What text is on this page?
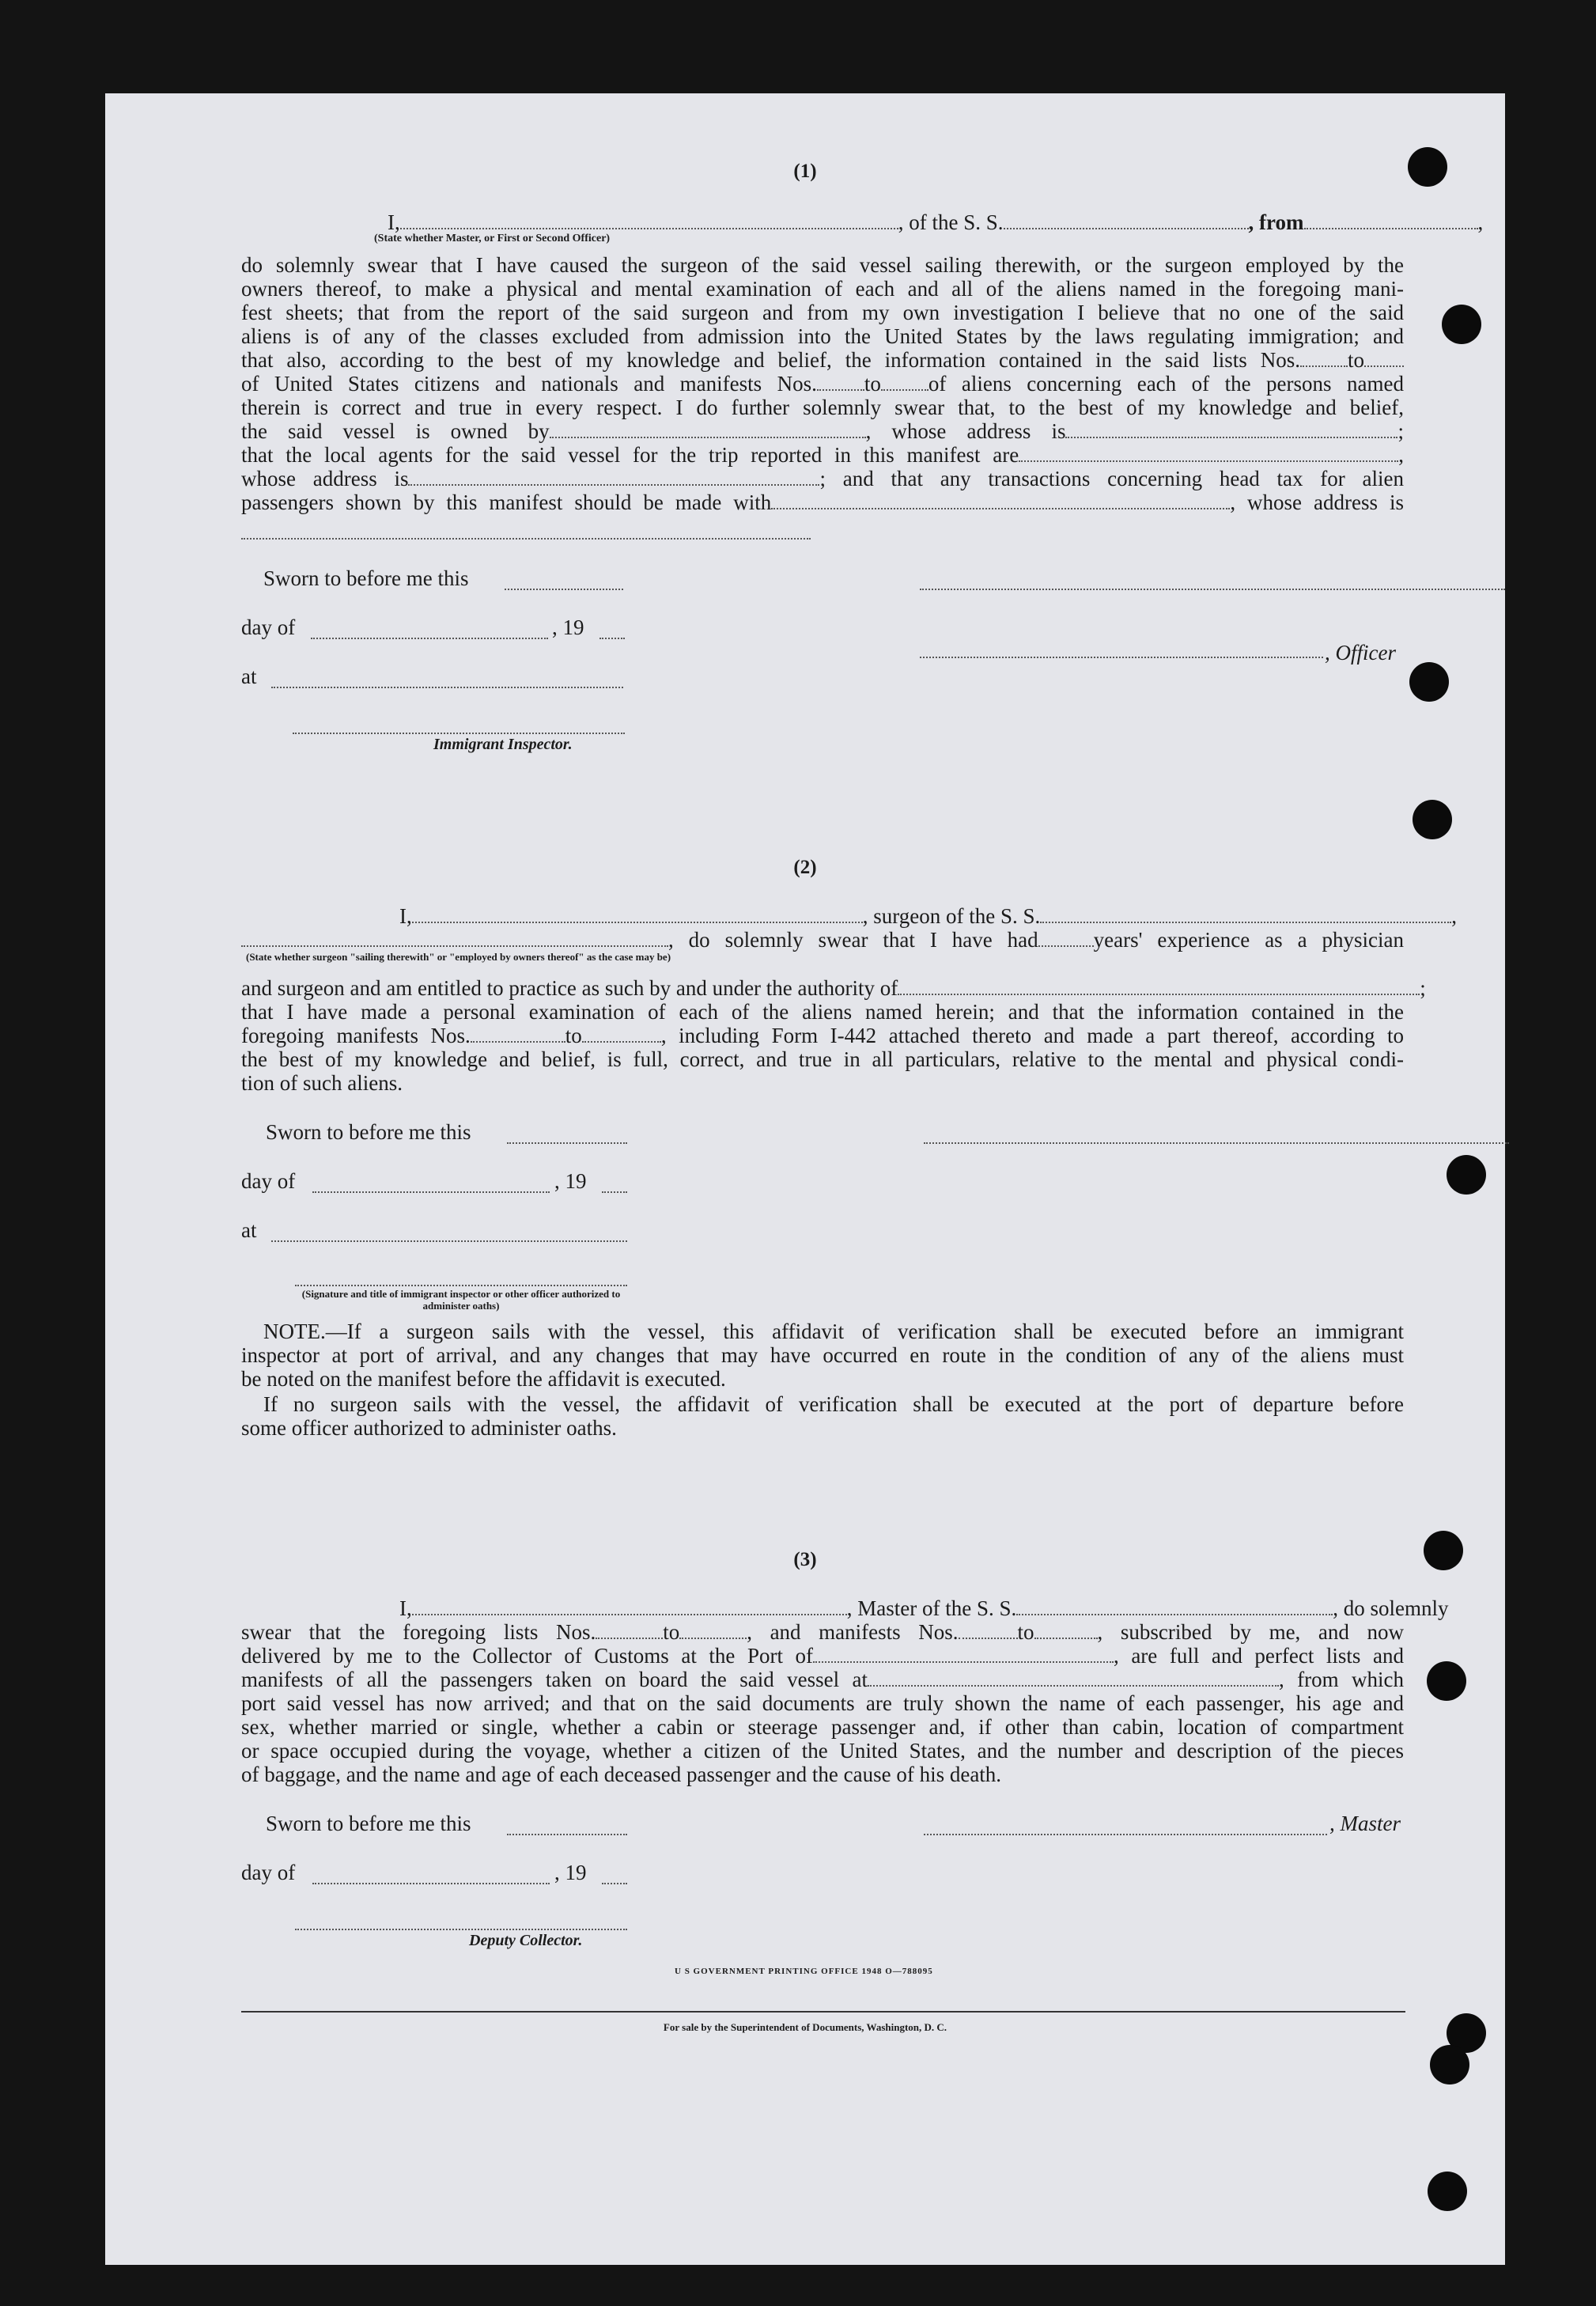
(1)
I,	, of the S. S.	, from	,
(State whether Master, or First or Second Officer)
do solemnly swear that I have caused the surgeon of the said vessel sailing therewith, or the surgeon employed by the
owners thereof, to make a physical and mental examination of each and all of the aliens named in the foregoing mani-
fest sheets; that from the report of the said surgeon and from my own investigation I believe that no one of the said
aliens is of any of the classes excluded from admission into the United States by the laws regulating immigration; and
that also, according to the best of my knowledge and belief, the information contained in the said lists Nos. to
of United States citizens and nationals and manifests Nos. to of aliens concerning each of the persons named
therein is correct and true in every respect. I do further solemnly swear that, to the best of my knowledge and belief,
the said vessel is owned by	, whose address is	;
that the local agents for the said vessel for the trip reported in this manifest are	,
whose address is	; and that any transactions concerning head tax for alien
passengers shown by this manifest should be made with	, whose address is
Sworn to before me this
day of	, 19
, Officer
at
Immigrant Inspector.
(2)
I,	, surgeon of the S. S.	,
, do solemnly swear that I have had	years' experience as a physician
(State whether surgeon "sailing therewith" or "employed by owners thereof" as the case may be)
and surgeon and am entitled to practice as such by and under the authority of	;
that I have made a personal examination of each of the aliens named herein; and that the information contained in the
foregoing manifests Nos.	to	, including Form I-442 attached thereto and made a part thereof, according to
the best of my knowledge and belief, is full, correct, and true in all particulars, relative to the mental and physical condi-
tion of such aliens.
Sworn to before me this
day of	, 19
at
(Signature and title of immigrant inspector or other officer authorized to administer oaths)
NOTE.—If a surgeon sails with the vessel, this affidavit of verification shall be executed before an immigrant
inspector at port of arrival, and any changes that may have occurred en route in the condition of any of the aliens must
be noted on the manifest before the affidavit is executed.
If no surgeon sails with the vessel, the affidavit of verification shall be executed at the port of departure before
some officer authorized to administer oaths.
(3)
I,	, Master of the S. S.	, do solemnly
swear that the foregoing lists Nos.	to	, and manifests Nos.	to	, subscribed by me, and now
delivered by me to the Collector of Customs at the Port of	, are full and perfect lists and
manifests of all the passengers taken on board the said vessel at	, from which
port said vessel has now arrived; and that on the said documents are truly shown the name of each passenger, his age and
sex, whether married or single, whether a cabin or steerage passenger and, if other than cabin, location of compartment
or space occupied during the voyage, whether a citizen of the United States, and the number and description of the pieces
of baggage, and the name and age of each deceased passenger and the cause of his death.
Sworn to before me this	, Master
day of	, 19
Deputy Collector.
U S GOVERNMENT PRINTING OFFICE 1948 O—788095
For sale by the Superintendent of Documents, Washington, D. C.
